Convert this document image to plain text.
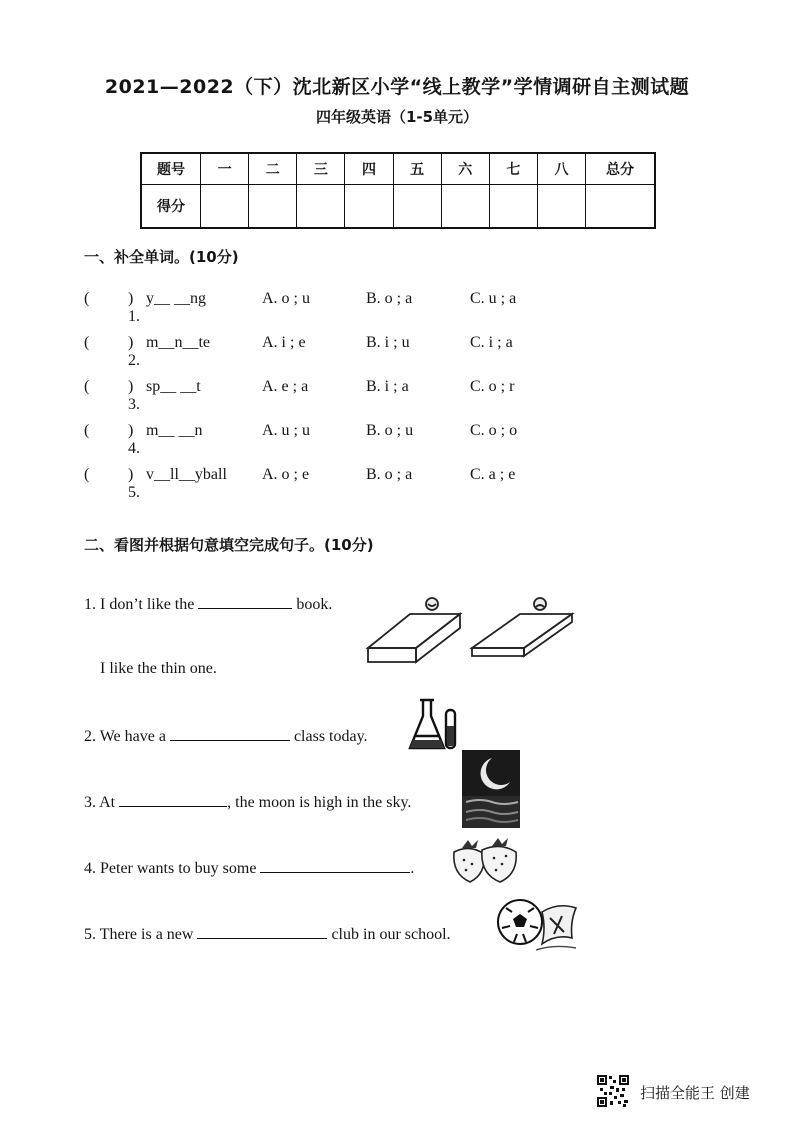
2021—2022（下）沈北新区小学“线上教学”学情调研自主测试题
四年级英语（1-5单元）
题号	一	二	三	四	五	六	七	八	总分
得分									
一、补全单词。(10分)
(	) 1.
y__ __ng	A. o ; u	B. o ; a	C. u ; a
(	) 2.
m__n__te	A. i ; e	B. i ; u	C. i ; a
(	) 3.
sp__ __t	A. e ; a	B. i ; a	C. o ; r
(	) 4.
m__ __n	A. u ; u	B. o ; u	C. o ; o
(	) 5.
v__ll__yball	A. o ; e	B. o ; a	C. a ; e
二、看图并根据句意填空完成句子。(10分)
1. I don’t like the	book.
I like the thin one.
2. We have a	class today.
3. At	, the moon is high in the sky.
4. Peter wants to buy some	.
5. There is a new	club in our school.
扫描全能王 创建
